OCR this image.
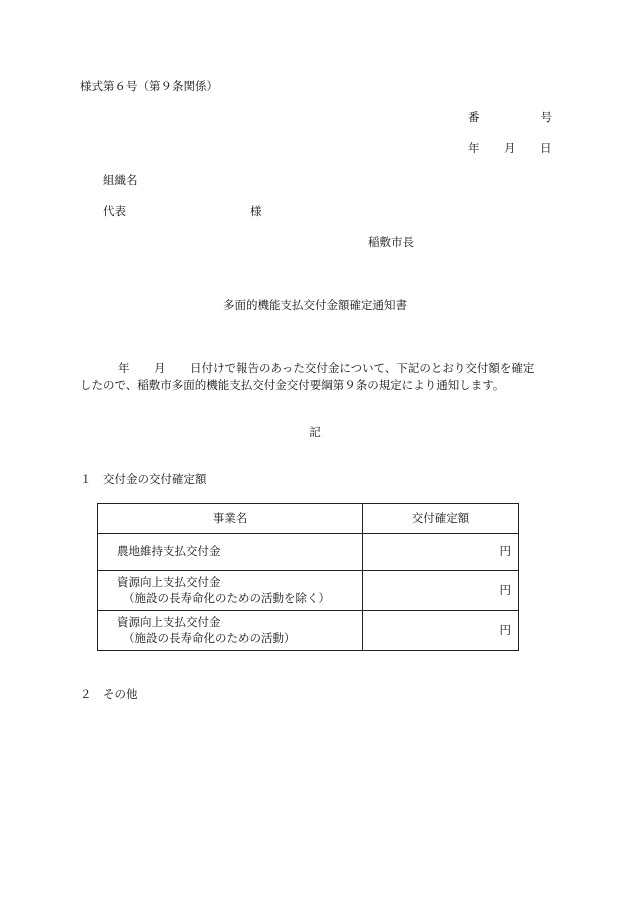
様式第６号（第９条関係）
番	号
年 月 日
組織名
代表	様
稲敷市長
多面的機能支払交付金額確定通知書
年 月 日付けで報告のあった交付金について、下記のとおり交付額を確定
したので、稲敷市多面的機能支払交付金交付要綱第９条の規定により通知します。
記
１ 交付金の交付確定額
事業名	交付確定額
農地維持支払交付金	円

資源向上支払交付金
（施設の長寿命化のための活動を除く）	円

資源向上支払交付金
（施設の長寿命化のための活動）	円
２ その他
